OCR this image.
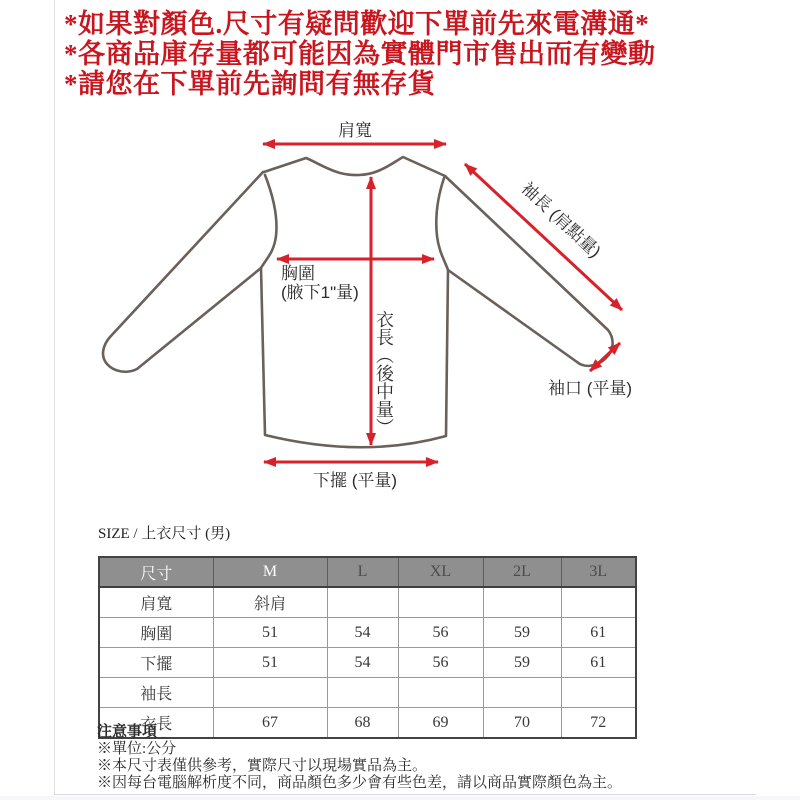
*如果對顏色.尺寸有疑問歡迎下單前先來電溝通*
*各商品庫存量都可能因為實體門市售出而有變動
*請您在下單前先詢問有無存貨
肩寬
胸圍
(腋下1"量)
衣長（後中量）
袖長 (肩點量)
袖口 (平量)
下擺 (平量)
SIZE / 上衣尺寸 (男)
尺寸	M	L	XL	2L	3L
肩寬	斜肩				
胸圍	51	54	56	59	61
下擺	51	54	56	59	61
袖長					
衣長	67	68	69	70	72
注意事項
※單位:公分
※本尺寸表僅供參考，實際尺寸以現場實品為主。
※因每台電腦解析度不同，商品顏色多少會有些色差，請以商品實際顏色為主。
